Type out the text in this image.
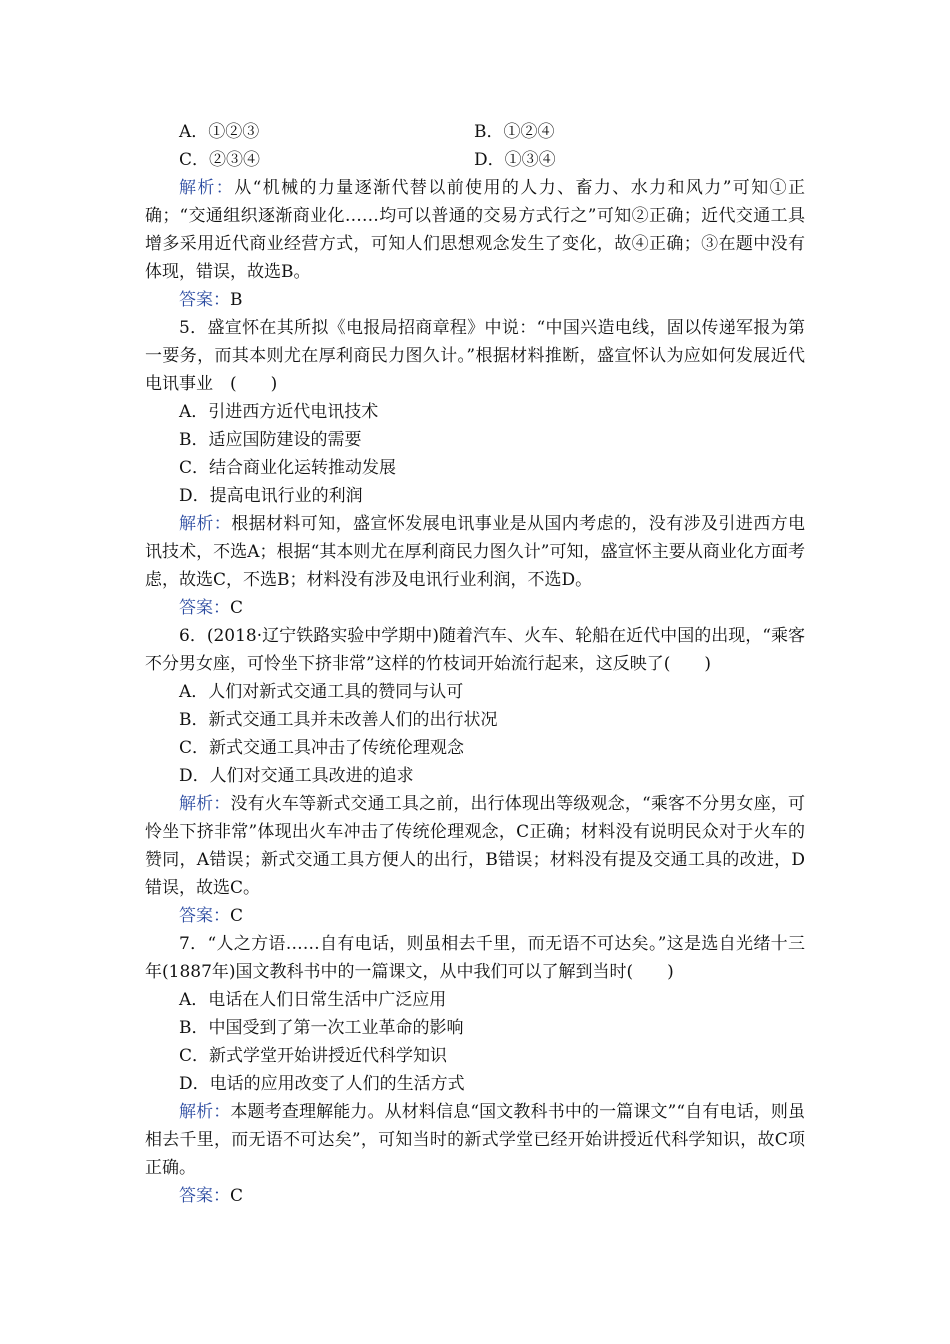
A．①②③	B．①②④
C．②③④	D．①③④

解析：从“机械的力量逐渐代替以前使用的人力、畜力、水力和风力”可知①正确；“交通组织逐渐商业化……均可以普通的交易方式行之”可知②正确；近代交通工具增多采用近代商业经营方式，可知人们思想观念发生了变化，故④正确；③在题中没有体现，错误，故选B。

答案：B

5．盛宣怀在其所拟《电报局招商章程》中说：“中国兴造电线，固以传递军报为第一要务，而其本则尤在厚利商民力图久计。”根据材料推断，盛宣怀认为应如何发展近代电讯事业　(　　)

A．引进西方近代电讯技术
B．适应国防建设的需要
C．结合商业化运转推动发展
D．提高电讯行业的利润

解析：根据材料可知，盛宣怀发展电讯事业是从国内考虑的，没有涉及引进西方电讯技术，不选A；根据“其本则尤在厚利商民力图久计”可知，盛宣怀主要从商业化方面考虑，故选C，不选B；材料没有涉及电讯行业利润，不选D。

答案：C

6．(2018·辽宁铁路实验中学期中)随着汽车、火车、轮船在近代中国的出现，“乘客不分男女座，可怜坐下挤非常”这样的竹枝词开始流行起来，这反映了(　　)

A．人们对新式交通工具的赞同与认可
B．新式交通工具并未改善人们的出行状况
C．新式交通工具冲击了传统伦理观念
D．人们对交通工具改进的追求

解析：没有火车等新式交通工具之前，出行体现出等级观念，“乘客不分男女座，可怜坐下挤非常”体现出火车冲击了传统伦理观念，C正确；材料没有说明民众对于火车的赞同，A错误；新式交通工具方便人的出行，B错误；材料没有提及交通工具的改进，D错误，故选C。

答案：C

7．“人之方语……自有电话，则虽相去千里，而无语不可达矣。”这是选自光绪十三年(1887年)国文教科书中的一篇课文，从中我们可以了解到当时(　　)

A．电话在人们日常生活中广泛应用
B．中国受到了第一次工业革命的影响
C．新式学堂开始讲授近代科学知识
D．电话的应用改变了人们的生活方式

解析：本题考查理解能力。从材料信息“国文教科书中的一篇课文”“自有电话，则虽相去千里，而无语不可达矣”，可知当时的新式学堂已经开始讲授近代科学知识，故C项正确。

答案：C
